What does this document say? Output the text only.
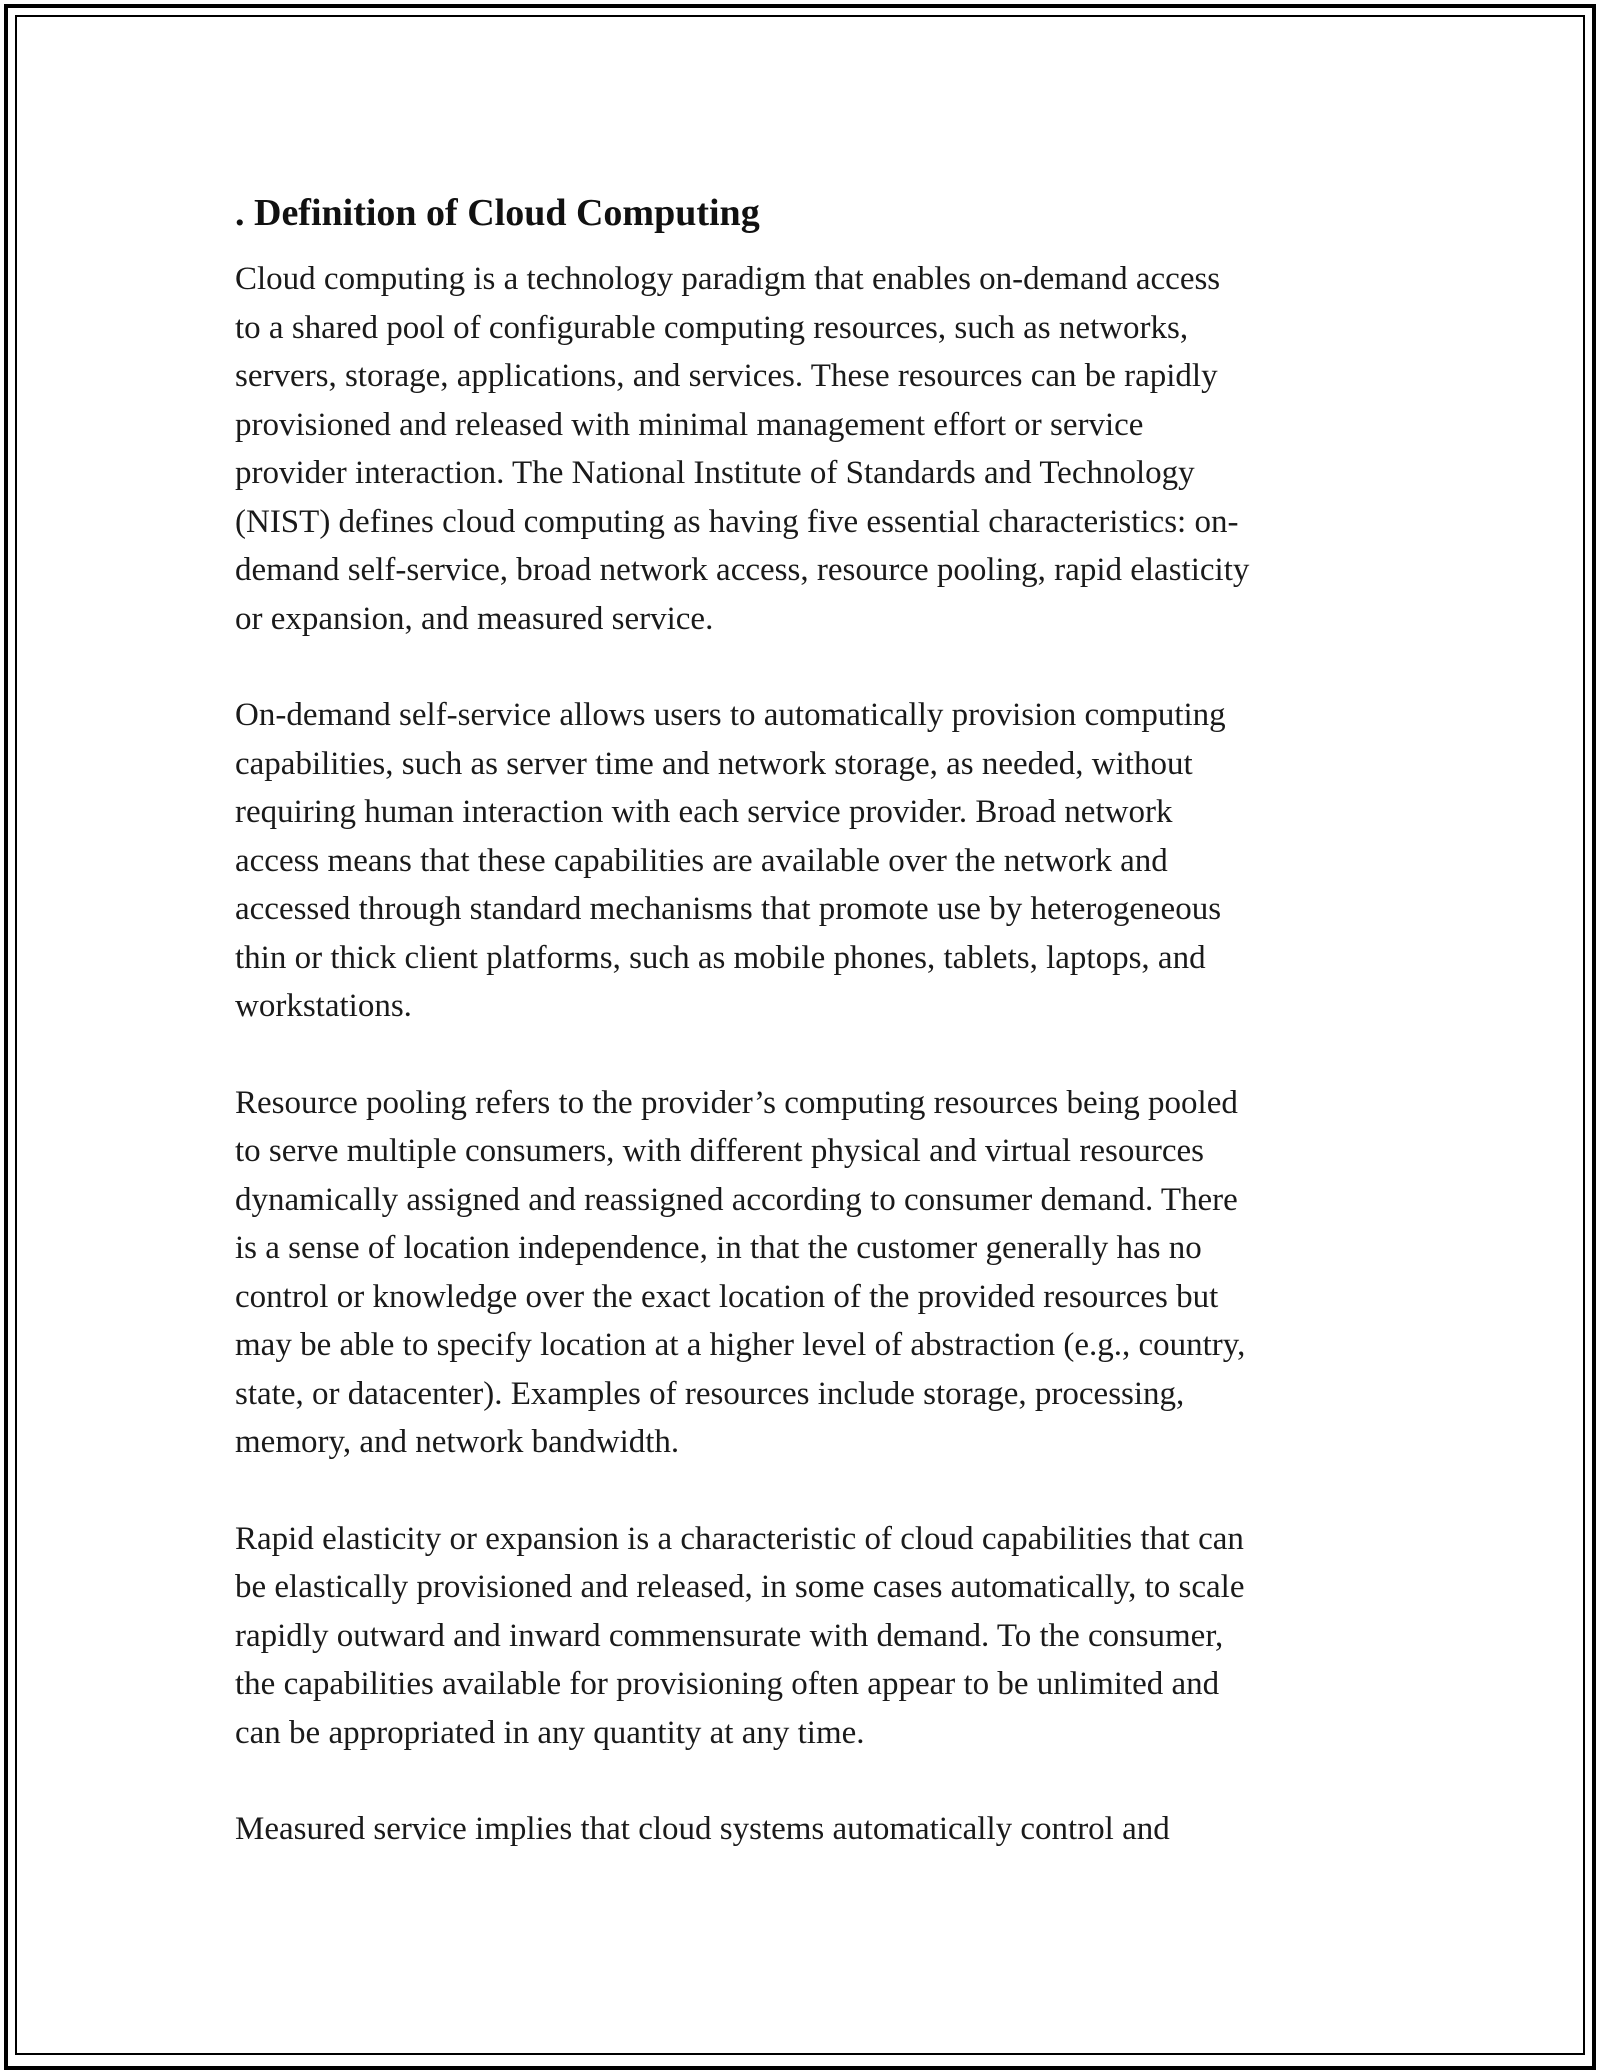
. Definition of Cloud Computing
Cloud computing is a technology paradigm that enables on-demand access
to a shared pool of configurable computing resources, such as networks,
servers, storage, applications, and services. These resources can be rapidly
provisioned and released with minimal management effort or service
provider interaction. The National Institute of Standards and Technology
(NIST) defines cloud computing as having five essential characteristics: on-
demand self-service, broad network access, resource pooling, rapid elasticity
or expansion, and measured service.
On-demand self-service allows users to automatically provision computing
capabilities, such as server time and network storage, as needed, without
requiring human interaction with each service provider. Broad network
access means that these capabilities are available over the network and
accessed through standard mechanisms that promote use by heterogeneous
thin or thick client platforms, such as mobile phones, tablets, laptops, and
workstations.
Resource pooling refers to the provider’s computing resources being pooled
to serve multiple consumers, with different physical and virtual resources
dynamically assigned and reassigned according to consumer demand. There
is a sense of location independence, in that the customer generally has no
control or knowledge over the exact location of the provided resources but
may be able to specify location at a higher level of abstraction (e.g., country,
state, or datacenter). Examples of resources include storage, processing,
memory, and network bandwidth.
Rapid elasticity or expansion is a characteristic of cloud capabilities that can
be elastically provisioned and released, in some cases automatically, to scale
rapidly outward and inward commensurate with demand. To the consumer,
the capabilities available for provisioning often appear to be unlimited and
can be appropriated in any quantity at any time.
Measured service implies that cloud systems automatically control and
